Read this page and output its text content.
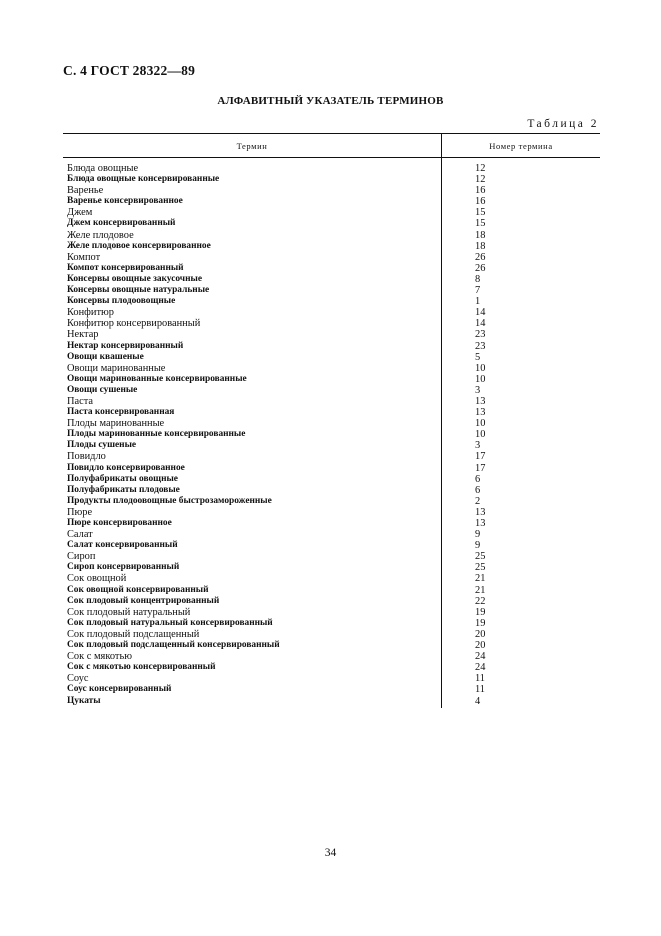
С. 4 ГОСТ 28322—89
АЛФАВИТНЫЙ УКАЗАТЕЛЬ ТЕРМИНОВ
Таблица 2
Термин	Номер термина
Блюда овощные	12
Блюда овощные консервированные	12
Варенье	16
Варенье консервированное	16
Джем	15
Джем консервированный	15
Желе плодовое	18
Желе плодовое консервированное	18
Компот	26
Компот консервированный	26
Консервы овощные закусочные	8
Консервы овощные натуральные	7
Консервы плодоовощные	1
Конфитюр	14
Конфитюр консервированный	14
Нектар	23
Нектар консервированный	23
Овощи квашеные	5
Овощи маринованные	10
Овощи маринованные консервированные	10
Овощи сушеные	3
Паста	13
Паста консервированная	13
Плоды маринованные	10
Плоды маринованные консервированные	10
Плоды сушеные	3
Повидло	17
Повидло консервированное	17
Полуфабрикаты овощные	6
Полуфабрикаты плодовые	6
Продукты плодоовощные быстрозамороженные	2
Пюре	13
Пюре консервированное	13
Салат	9
Салат консервированный	9
Сироп	25
Сироп консервированный	25
Сок овощной	21
Сок овощной консервированный	21
Сок плодовый концентрированный	22
Сок плодовый натуральный	19
Сок плодовый натуральный консервированный	19
Сок плодовый подслащенный	20
Сок плодовый подслащенный консервированный	20
Сок с мякотью	24
Сок с мякотью консервированный	24
Соус	11
Соус консервированный	11
Цукаты	4
34
